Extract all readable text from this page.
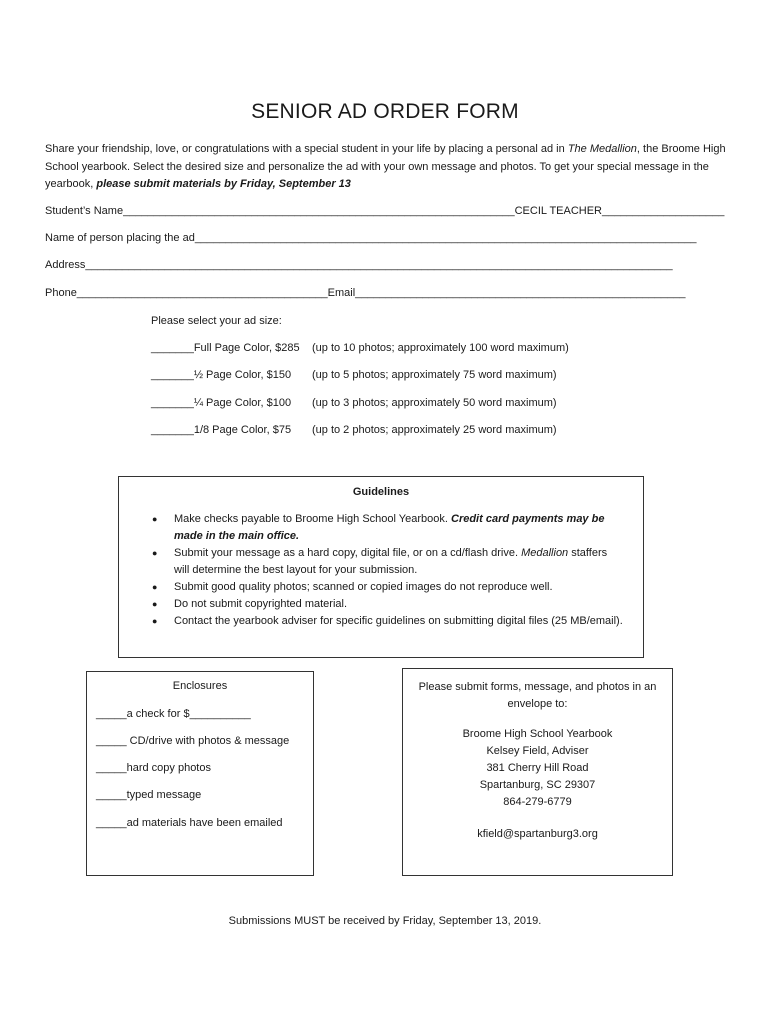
SENIOR AD ORDER FORM
Share your friendship, love, or congratulations with a special student in your life by placing a personal ad in The Medallion, the Broome High School yearbook. Select the desired size and personalize the ad with your own message and photos. To get your special message in the yearbook, please submit materials by Friday, September 13
Student’s Name________________________________________________________________CECIL TEACHER____________________
Name of person placing the ad__________________________________________________________________________________
Address________________________________________________________________________________________________
Phone_________________________________________Email______________________________________________________
Please select your ad size:
_______Full Page Color, $285 (up to 10 photos; approximately 100 word maximum)
_______½ Page Color, $150 (up to 5 photos; approximately 75 word maximum)
_______¼ Page Color, $100 (up to 3 photos; approximately 50 word maximum)
_______1/8 Page Color, $75 (up to 2 photos; approximately 25 word maximum)
Guidelines
● Make checks payable to Broome High School Yearbook. Credit card payments may be made in the main office.
● Submit your message as a hard copy, digital file, or on a cd/flash drive. Medallion staffers will determine the best layout for your submission.
● Submit good quality photos; scanned or copied images do not reproduce well.
● Do not submit copyrighted material.
● Contact the yearbook adviser for specific guidelines on submitting digital files (25 MB/email).
Enclosures
_____a check for $__________
_____ CD/drive with photos & message
_____hard copy photos
_____typed message
_____ad materials have been emailed
Please submit forms, message, and photos in an envelope to:
Broome High School Yearbook
Kelsey Field, Adviser
381 Cherry Hill Road
Spartanburg, SC 29307
864-279-6779
kfield@spartanburg3.org
Submissions MUST be received by Friday, September 13, 2019.
